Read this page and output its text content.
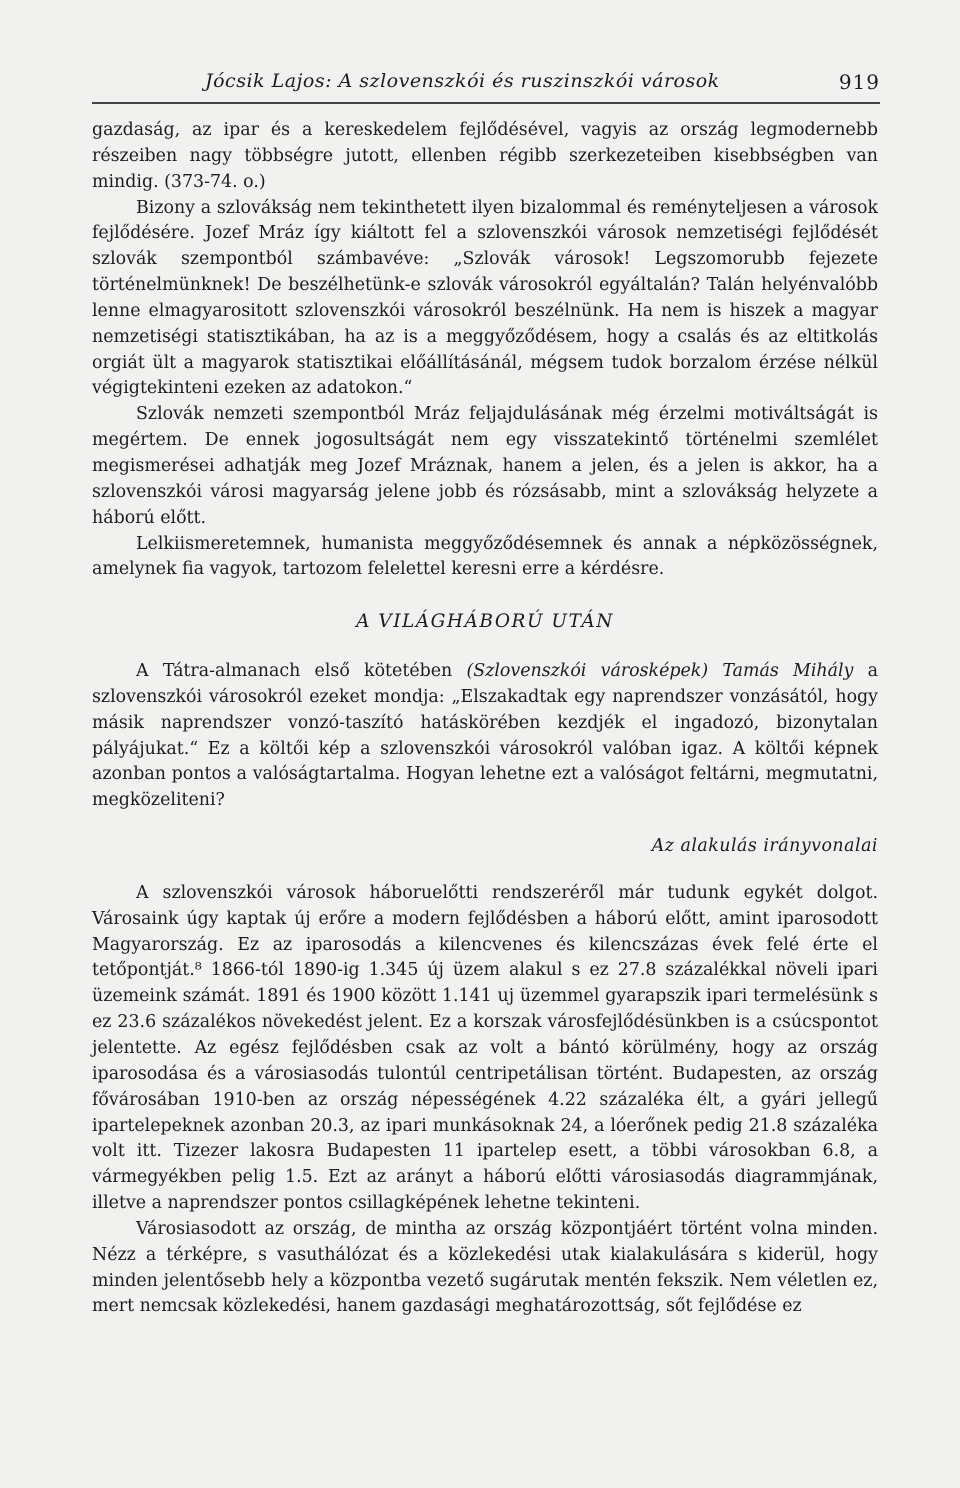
Jócsik Lajos: A szlovenszkói és ruszinszkói városok	919

gazdaság, az ipar és a kereskedelem fejlődésével, vagyis az ország legmodernebb részeiben nagy többségre jutott, ellenben régibb szerkezeteiben kisebbségben van mindig. (373-74. o.)

Bizony a szlovákság nem tekinthetett ilyen bizalommal és reményteljesen a városok fejlődésére. Jozef Mráz így kiáltott fel a szlovenszkói városok nemzetiségi fejlődését szlovák szempontból számbavéve: „Szlovák városok! Legszomorubb fejezete történelmünknek! De beszélhetünk-e szlovák városokról egyáltalán? Talán helyénvalóbb lenne elmagyarositott szlovenszkói városokról beszélnünk. Ha nem is hiszek a magyar nemzetiségi statisztikában, ha az is a meggyőződésem, hogy a csalás és az eltitkolás orgiát ült a magyarok statisztikai előállításánál, mégsem tudok borzalom érzése nélkül végigtekinteni ezeken az adatokon.“

Szlovák nemzeti szempontból Mráz feljajdulásának még érzelmi motiváltságát is megértem. De ennek jogosultságát nem egy visszatekintő történelmi szemlélet megismerései adhatják meg Jozef Mráznak, hanem a jelen, és a jelen is akkor, ha a szlovenszkói városi magyarság jelene jobb és rózsásabb, mint a szlovákság helyzete a háború előtt.

Lelkiismeretemnek, humanista meggyőződésemnek és annak a népközösségnek, amelynek fia vagyok, tartozom felelettel keresni erre a kérdésre.

A VILÁGHÁBORÚ UTÁN

A Tátra-almanach első kötetében (Szlovenszkói városképek) Tamás Mihály a szlovenszkói városokról ezeket mondja: „Elszakadtak egy naprendszer vonzásától, hogy másik naprendszer vonzó-taszító hatáskörében kezdjék el ingadozó, bizonytalan pályájukat.“ Ez a költői kép a szlovenszkói városokról valóban igaz. A költői képnek azonban pontos a valóságtartalma. Hogyan lehetne ezt a valóságot feltárni, megmutatni, megközeliteni?

Az alakulás irányvonalai

A szlovenszkói városok háboruelőtti rendszeréről már tudunk egykét dolgot. Városaink úgy kaptak új erőre a modern fejlődésben a háború előtt, amint iparosodott Magyarország. Ez az iparosodás a kilencvenes és kilencszázas évek felé érte el tetőpontját.⁸ 1866-tól 1890-ig 1.345 új üzem alakul s ez 27.8 százalékkal növeli ipari üzemeink számát. 1891 és 1900 között 1.141 uj üzemmel gyarapszik ipari termelésünk s ez 23.6 százalékos növekedést jelent. Ez a korszak városfejlődésünkben is a csúcspontot jelentette. Az egész fejlődésben csak az volt a bántó körülmény, hogy az ország iparosodása és a városiasodás tulontúl centripetálisan történt. Budapesten, az ország fővárosában 1910-ben az ország népességének 4.22 százaléka élt, a gyári jellegű ipartelepeknek azonban 20.3, az ipari munkásoknak 24, a lóerőnek pedig 21.8 százaléka volt itt. Tizezer lakosra Budapesten 11 ipartelep esett, a többi városokban 6.8, a vármegyékben pelig 1.5. Ezt az arányt a háború előtti városiasodás diagrammjának, illetve a naprendszer pontos csillagképének lehetne tekinteni.

Városiasodott az ország, de mintha az ország központjáért történt volna minden. Nézz a térképre, s vasuthálózat és a közlekedési utak kialakulására s kiderül, hogy minden jelentősebb hely a központba vezető sugárutak mentén fekszik. Nem véletlen ez, mert nemcsak közlekedési, hanem gazdasági meghatározottság, sőt fejlődése ez
